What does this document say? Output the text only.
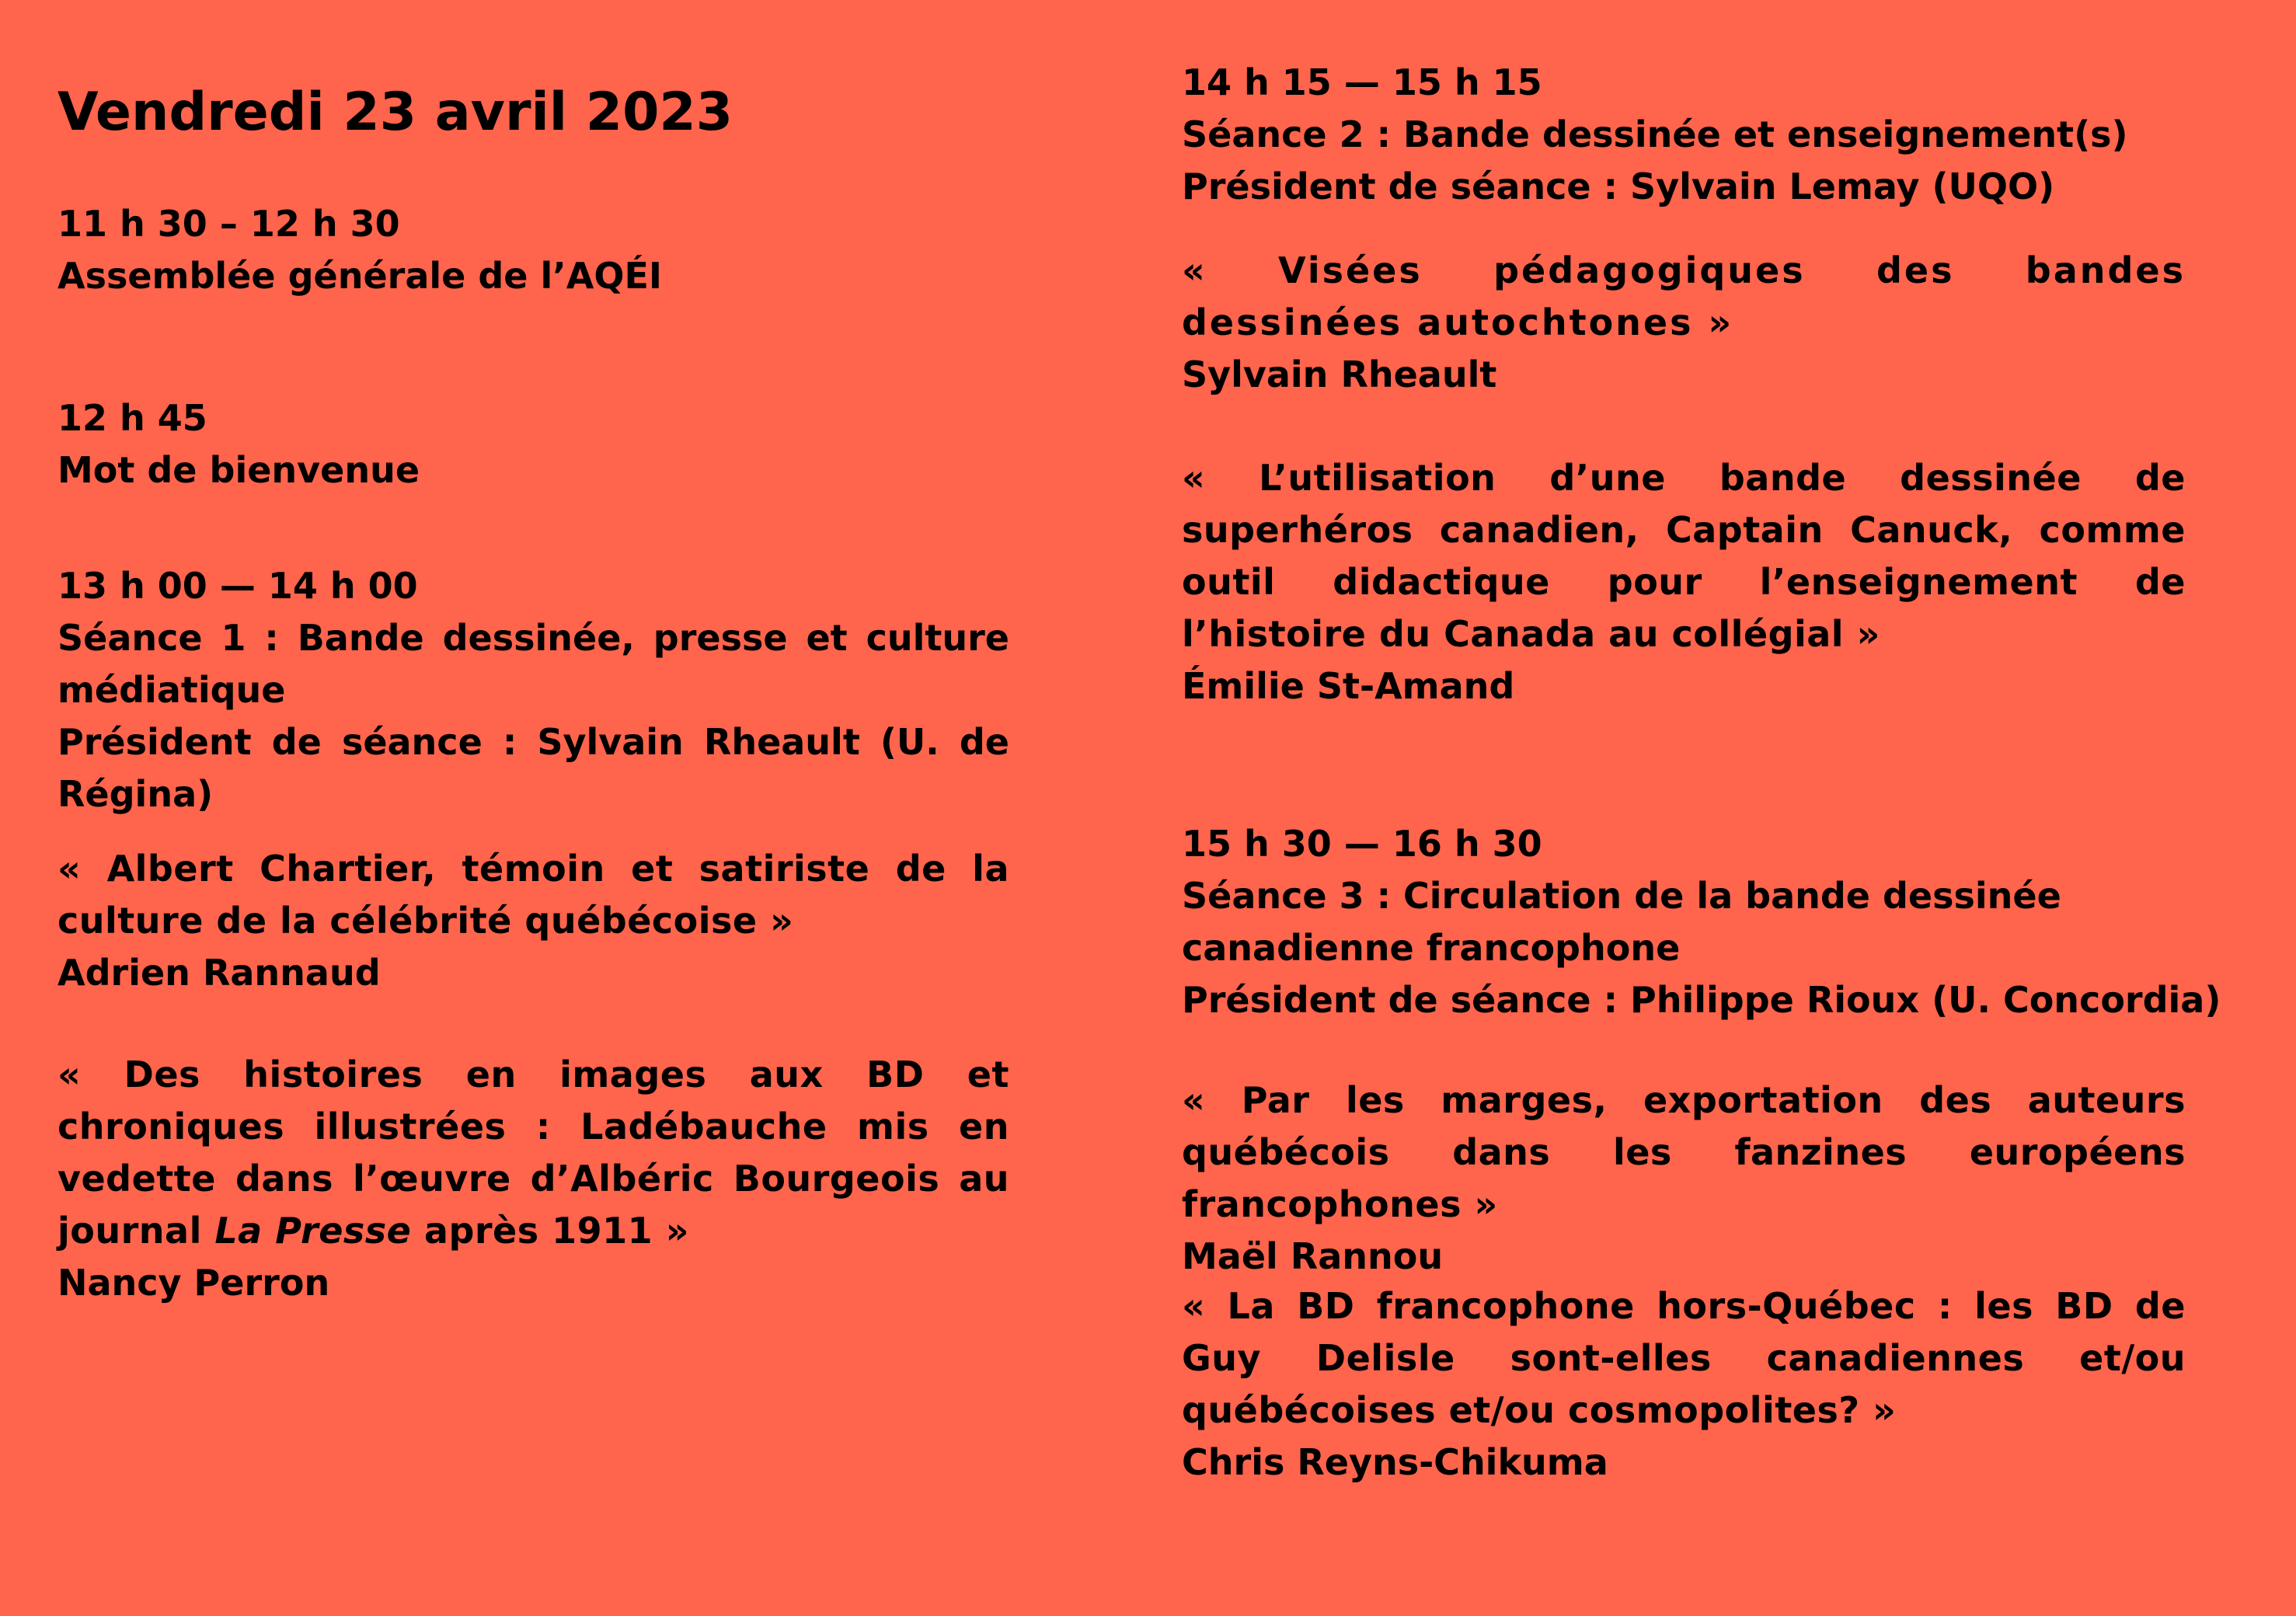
Vendredi 23 avril 2023

11 h 30 – 12 h 30

Assemblée générale de l’AQÉI

12 h 45

Mot de bienvenue

13 h 00 — 14 h 00

Séance 1 : Bande dessinée, presse et culture médiatique

Président de séance : Sylvain Rheault (U. de Régina)

« Albert Chartier, témoin et satiriste de la culture de la célébrité québécoise »

Adrien Rannaud

« Des histoires en images aux BD et chroniques illustrées : Ladébauche mis en vedette dans l’œuvre d’Albéric Bourgeois au journal La Presse après 1911 »

Nancy Perron

14 h 15 — 15 h 15

Séance 2 : Bande dessinée et enseignement(s)

Président de séance : Sylvain Lemay (UQO)

« Visées pédagogiques des bandes dessinées autochtones »

Sylvain Rheault

« L’utilisation d’une bande dessinée de superhéros canadien, Captain Canuck, comme outil didactique pour l’enseignement de l’histoire du Canada au collégial »

Émilie St-Amand

15 h 30 — 16 h 30

Séance 3 : Circulation de la bande dessinée canadienne francophone

Président de séance : Philippe Rioux (U. Concordia)

« Par les marges, exportation des auteurs québécois dans les fanzines européens francophones »

Maël Rannou

« La BD francophone hors-Québec : les BD de Guy Delisle sont-elles canadiennes et/ou québécoises et/ou cosmopolites? »

Chris Reyns-Chikuma
